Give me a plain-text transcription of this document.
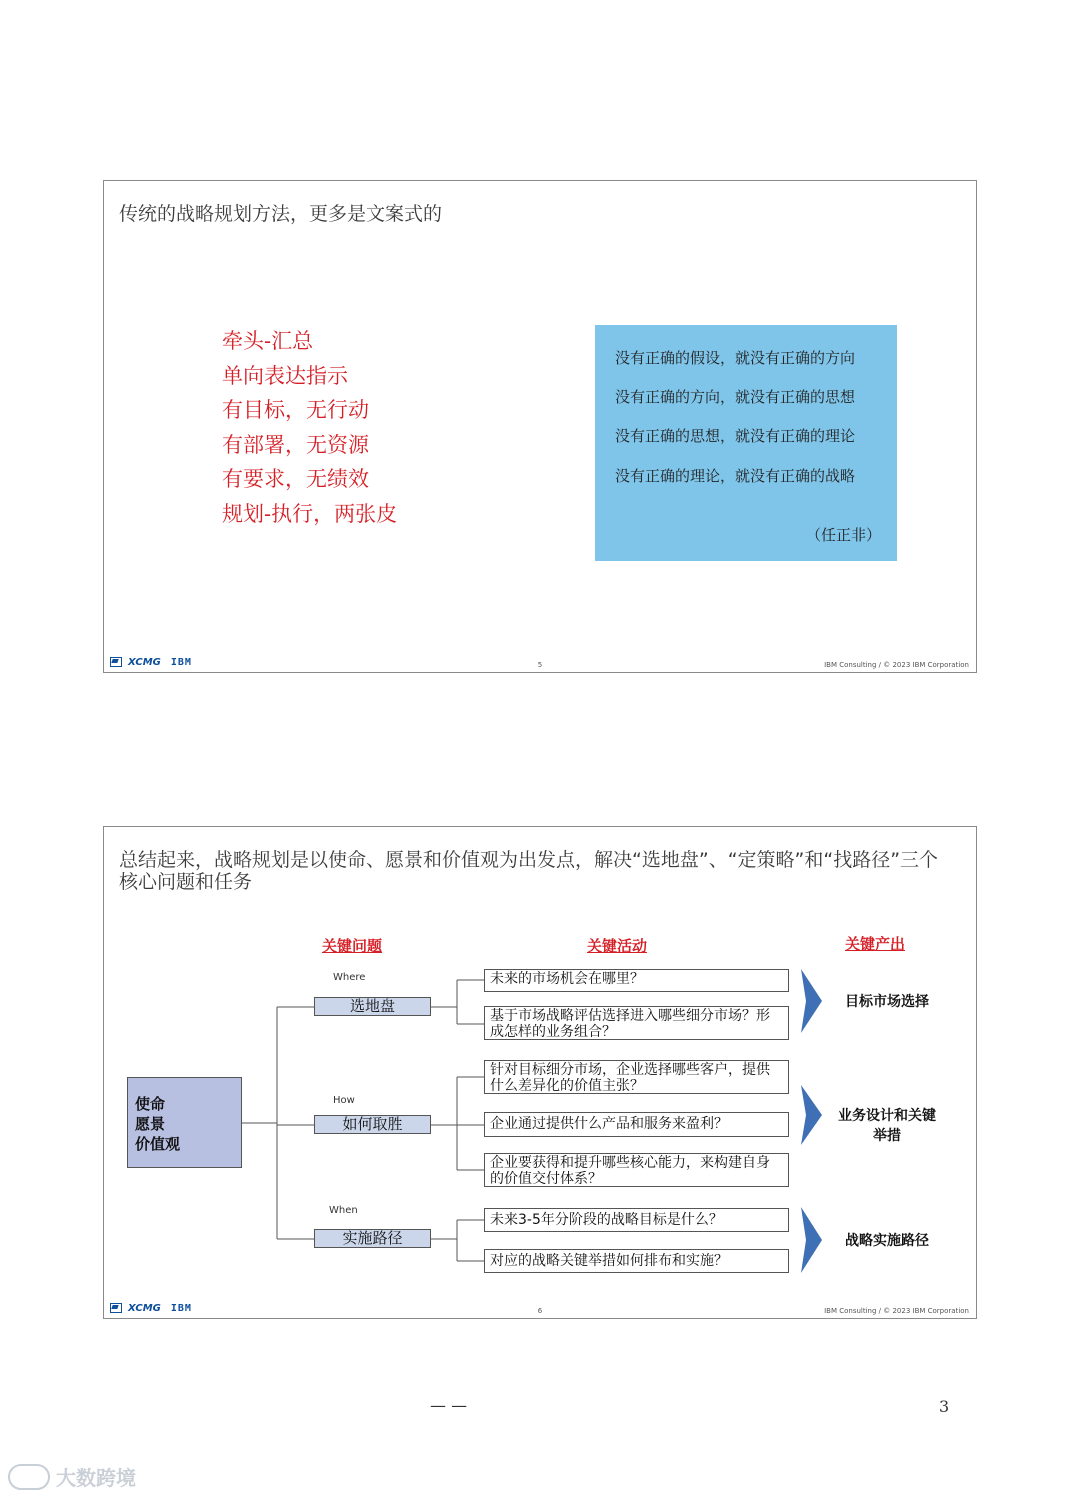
传统的战略规划方法，更多是文案式的
牵头-汇总
单向表达指示
有目标，无行动
有部署，无资源
有要求，无绩效
规划-执行，两张皮
没有正确的假设，就没有正确的方向
没有正确的方向，就没有正确的思想
没有正确的思想，就没有正确的理论
没有正确的理论，就没有正确的战略
（任正非）
XCMG IBM	5	IBM Consulting / © 2023 IBM Corporation
总结起来，战略规划是以使命、愿景和价值观为出发点，解决“选地盘”、“定策略”和“找路径”三个核心问题和任务
关键问题	关键活动	关键产出
使命
愿景
价值观
Where
选地盘
How
如何取胜
When
实施路径
未来的市场机会在哪里？
基于市场战略评估选择进入哪些细分市场？形成怎样的业务组合？
针对目标细分市场，企业选择哪些客户，提供什么差异化的价值主张？
企业通过提供什么产品和服务来盈利？
企业要获得和提升哪些核心能力，来构建自身的价值交付体系？
未来3-5年分阶段的战略目标是什么？
对应的战略关键举措如何排布和实施？
目标市场选择
业务设计和关键举措
战略实施路径
XCMG IBM	6	IBM Consulting / © 2023 IBM Corporation
— —	3
大数跨境
